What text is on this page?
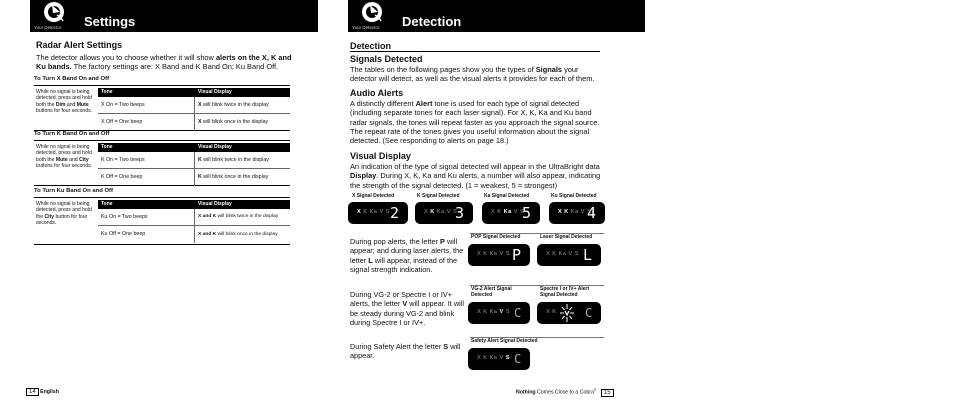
Your Detector Settings
Radar Alert Settings
The detector allows you to choose whether it will show alerts on the X, K and Ku bands. The factory settings are: X Band and K Band On; Ku Band Off.
To Turn X Band On and Off
While no signal is being detected, press and hold both the Dim and Mute buttons for four seconds.
Tone	Visual Display
X On = Two beeps	X will blink twice in the display
X Off = One beep	X will blink once in the display
To Turn K Band On and Off
While no signal is being detected, press and hold both the Mute and City buttons for four seconds.
Tone	Visual Display
K On = Two beeps	K will blink twice in the display
K Off = One beep	K will blink once in the display
To Turn Ku Band On and Off
While no signal is being detected, press and hold the City button for four seconds.
Tone	Visual Display
Ku On = Two beeps	X and K will blink twice in the display
Ku Off = One beep	X and K will blink once in the display
14 English
Your Detector Detection
Detection
Signals Detected
The tables on the following pages show you the types of Signals your detector will detect, as well as the visual alerts it provides for each of them.
Audio Alerts
A distinctly different Alert tone is used for each type of signal detected (including separate tones for each laser signal). For X, K, Ka and Ku band radar signals, the tones will repeat faster as you approach the signal source. The repeat rate of the tones gives you useful information about the signal detected. (See responding to alerts on page 18.)
Visual Display
An indication of the type of signal detected will appear in the UltraBright data Display. During X, K, Ka and Ku alerts, a number will also appear, indicating the strength of the signal detected. (1 = weakest, 5 = strongest)
X Signal Detected	K Signal Detected	Ka Signal Detected	Ku Signal Detected
X K Ka V S 2	X K Ka V S
3	X K Ka V S
5	X K Ka V S
4
During pop alerts, the letter P will appear; and during laser alerts, the letter L will appear, instead of the signal strength indication.
POP Signal Detected	Laser Signal Detected
X K Ka V S P	X K Ka V S L
During VG-2 or Spectre I or IV+ alerts, the letter V will appear. It will be steady during VG-2 and blink during Spectre I or IV+.
VG-2 Alert Signal Detected
Spectre I or IV+ Alert Signal Detected
X K Ka V S C	X K C
During Safety Alert the letter S will appear.
Safety Alert Signal Detected
X K Ka V S C
Nothing Comes Close to a Cobra® 15
